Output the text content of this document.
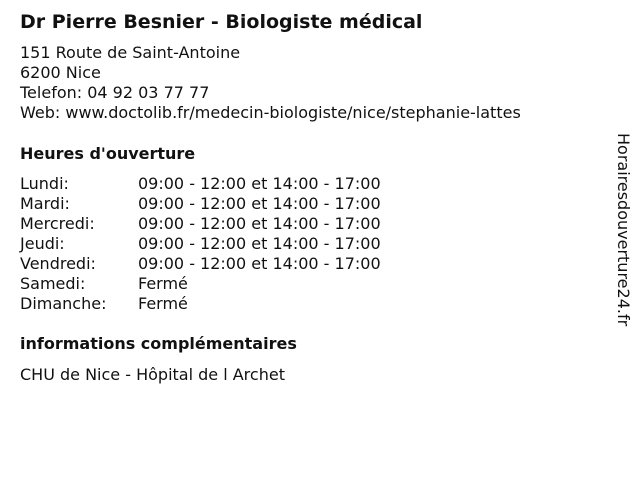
Dr Pierre Besnier - Biologiste médical
151 Route de Saint-Antoine
6200 Nice
Telefon: 04 92 03 77 77
Web: www.doctolib.fr/medecin-biologiste/nice/stephanie-lattes
Heures d'ouverture
Lundi:	09:00 - 12:00 et 14:00 - 17:00
Mardi:	09:00 - 12:00 et 14:00 - 17:00
Mercredi:	09:00 - 12:00 et 14:00 - 17:00
Jeudi:	09:00 - 12:00 et 14:00 - 17:00
Vendredi:	09:00 - 12:00 et 14:00 - 17:00
Samedi:	Fermé
Dimanche:	Fermé
informations complémentaires
CHU de Nice - Hôpital de l Archet
Horairesdouverture24.fr
